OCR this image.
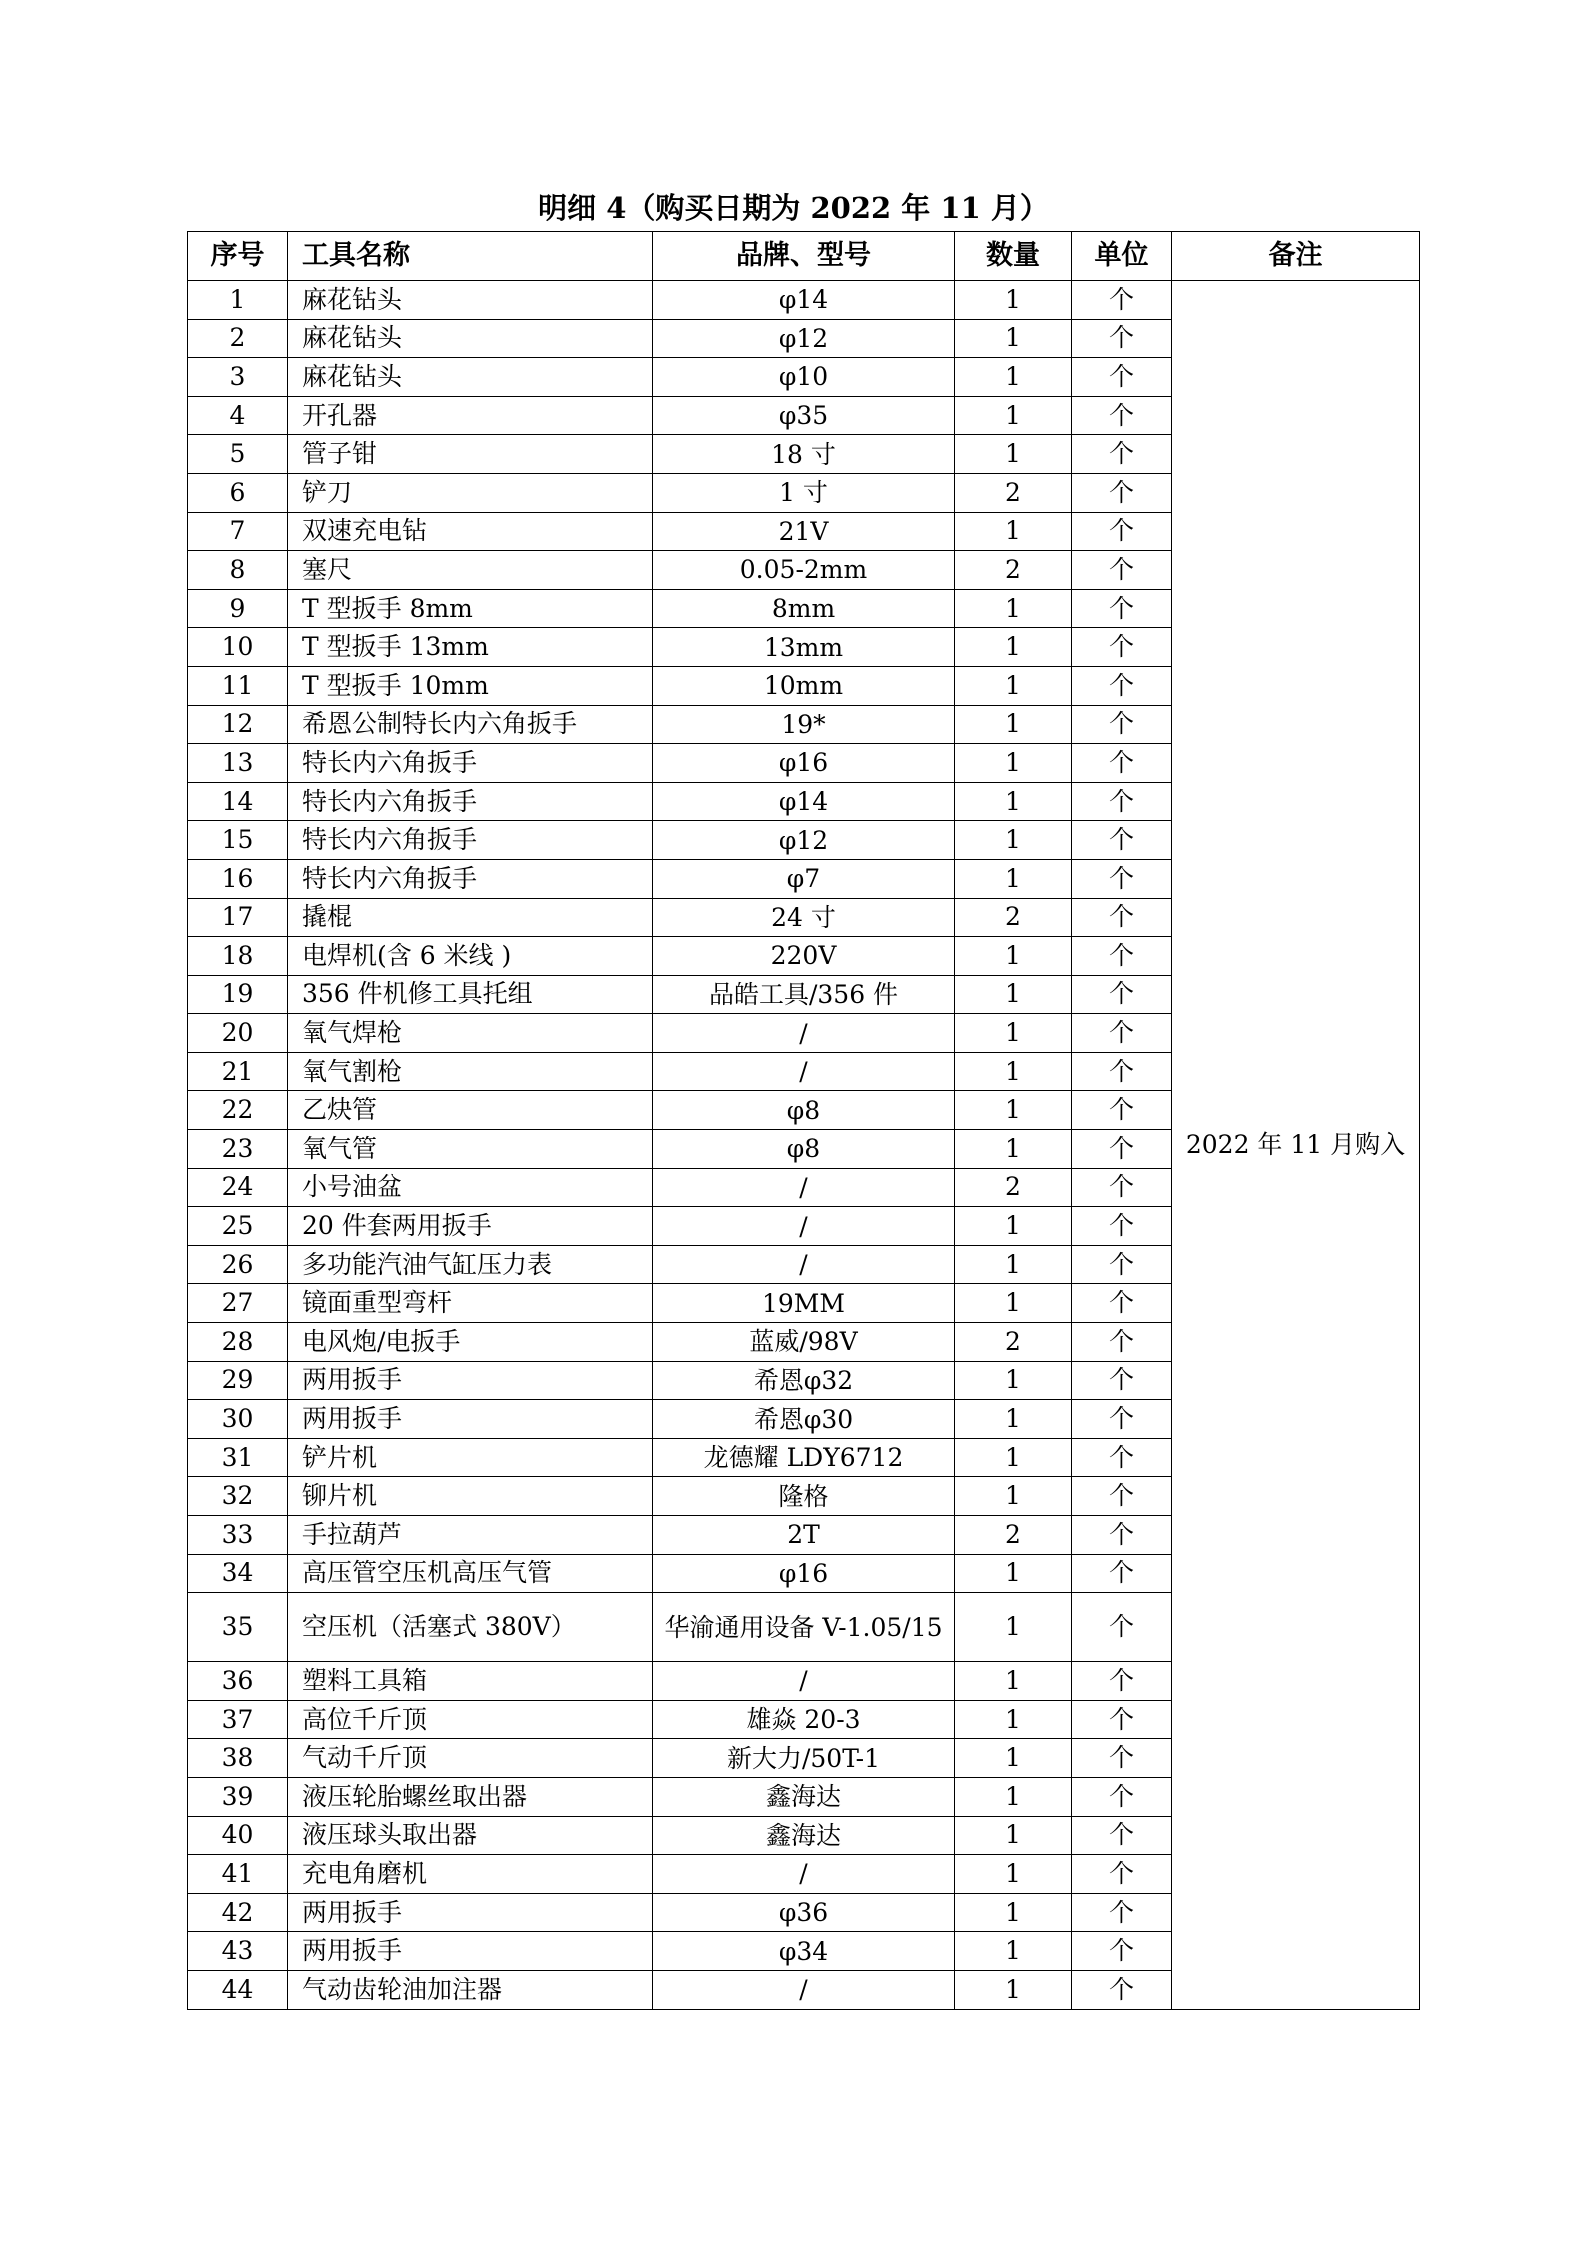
明细 4（购买日期为 2022 年 11 月）
序号	工具名称	品牌、型号	数量	单位	备注
1	麻花钻头	φ14	1	个	2022 年 11 月购入
2	麻花钻头	φ12	1	个	
3	麻花钻头	φ10	1	个	
4	开孔器	φ35	1	个	
5	管子钳	18 寸	1	个	
6	铲刀	1 寸	2	个	
7	双速充电钻	21V	1	个	
8	塞尺	0.05-2mm	2	个	
9	T 型扳手 8mm	8mm	1	个	
10	T 型扳手 13mm	13mm	1	个	
11	T 型扳手 10mm	10mm	1	个	
12	希恩公制特长内六角扳手	19*	1	个	
13	特长内六角扳手	φ16	1	个	
14	特长内六角扳手	φ14	1	个	
15	特长内六角扳手	φ12	1	个	
16	特长内六角扳手	φ7	1	个	
17	撬棍	24 寸	2	个	
18	电焊机(含 6 米线 )	220V	1	个	
19	356 件机修工具托组	品皓工具/356 件	1	个	
20	氧气焊枪	/	1	个	
21	氧气割枪	/	1	个	
22	乙炔管	φ8	1	个	
23	氧气管	φ8	1	个	
24	小号油盆	/	2	个	
25	20 件套两用扳手	/	1	个	
26	多功能汽油气缸压力表	/	1	个	
27	镜面重型弯杆	19MM	1	个	
28	电风炮/电扳手	蓝威/98V	2	个	
29	两用扳手	希恩φ32	1	个	
30	两用扳手	希恩φ30	1	个	
31	铲片机	龙德耀 LDY6712	1	个	
32	铆片机	隆格	1	个	
33	手拉葫芦	2T	2	个	
34	高压管空压机高压气管	φ16	1	个	
35	空压机（活塞式 380V）	华渝通用设备 V-1.05/15	1	个	
36	塑料工具箱	/	1	个	
37	高位千斤顶	雄焱 20-3	1	个	
38	气动千斤顶	新大力/50T-1	1	个	
39	液压轮胎螺丝取出器	鑫海达	1	个	
40	液压球头取出器	鑫海达	1	个	
41	充电角磨机	/	1	个	
42	两用扳手	φ36	1	个	
43	两用扳手	φ34	1	个	
44	气动齿轮油加注器	/	1	个	
